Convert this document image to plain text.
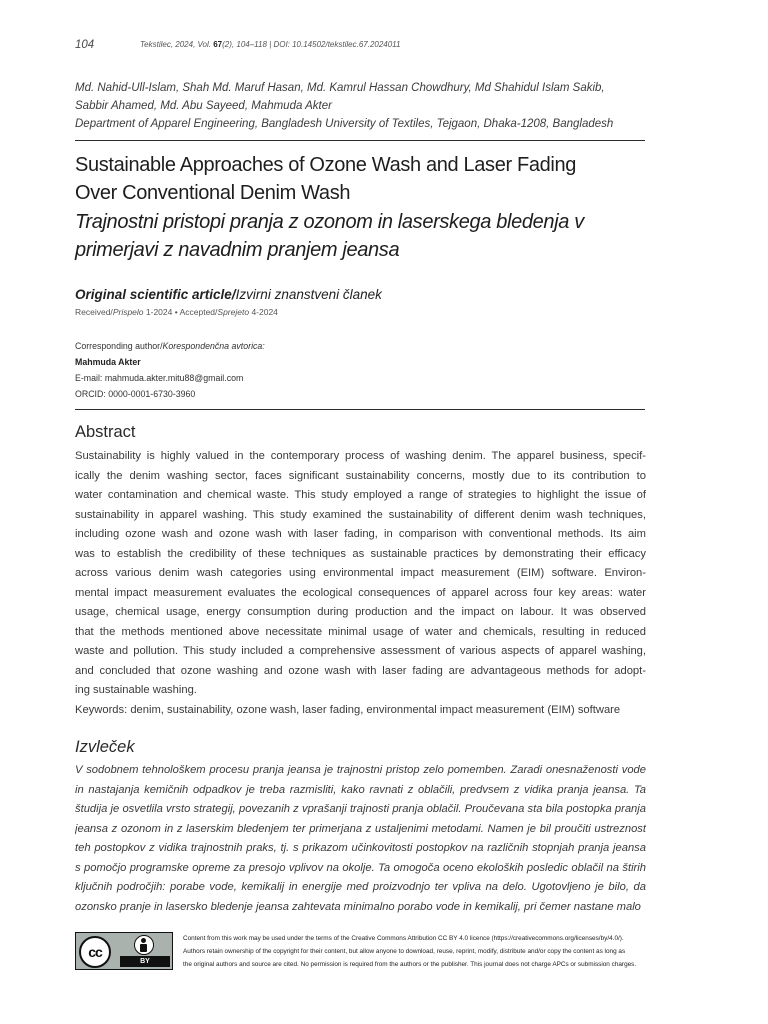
104	Tekstilec, 2024, Vol. 67(2), 104–118 | DOI: 10.14502/tekstilec.67.2024011
Md. Nahid-Ull-Islam, Shah Md. Maruf Hasan, Md. Kamrul Hassan Chowdhury, Md Shahidul Islam Sakib,
Sabbir Ahamed, Md. Abu Sayeed, Mahmuda Akter
Department of Apparel Engineering, Bangladesh University of Textiles, Tejgaon, Dhaka-1208, Bangladesh
Sustainable Approaches of Ozone Wash and Laser Fading
Over Conventional Denim Wash
Trajnostni pristopi pranja z ozonom in laserskega bledenja v
primerjavi z navadnim pranjem jeansa
Original scientific article/Izvirni znanstveni članek
Received/Prispelo 1-2024 • Accepted/Sprejeto 4-2024
Corresponding author/Korespondenčna avtorica:
Mahmuda Akter
E-mail: mahmuda.akter.mitu88@gmail.com
ORCID: 0000-0001-6730-3960
Abstract
Sustainability is highly valued in the contemporary process of washing denim. The apparel business, specif-
ically the denim washing sector, faces significant sustainability concerns, mostly due to its contribution to
water contamination and chemical waste. This study employed a range of strategies to highlight the issue of
sustainability in apparel washing. This study examined the sustainability of different denim wash techniques,
including ozone wash and ozone wash with laser fading, in comparison with conventional methods. Its aim
was to establish the credibility of these techniques as sustainable practices by demonstrating their efficacy
across various denim wash categories using environmental impact measurement (EIM) software. Environ-
mental impact measurement evaluates the ecological consequences of apparel across four key areas: water
usage, chemical usage, energy consumption during production and the impact on labour. It was observed
that the methods mentioned above necessitate minimal usage of water and chemicals, resulting in reduced
waste and pollution. This study included a comprehensive assessment of various aspects of apparel washing,
and concluded that ozone washing and ozone wash with laser fading are advantageous methods for adopt-
ing sustainable washing.
Keywords: denim, sustainability, ozone wash, laser fading, environmental impact measurement (EIM) software
Izvleček
V sodobnem tehnološkem procesu pranja jeansa je trajnostni pristop zelo pomemben. Zaradi onesnaženosti vode
in nastajanja kemičnih odpadkov je treba razmisliti, kako ravnati z oblačili, predvsem z vidika pranja jeansa. Ta
študija je osvetlila vrsto strategij, povezanih z vprašanji trajnosti pranja oblačil. Proučevana sta bila postopka pranja
jeansa z ozonom in z laserskim bledenjem ter primerjana z ustaljenimi metodami. Namen je bil proučiti ustreznost
teh postopkov z vidika trajnostnih praks, tj. s prikazom učinkovitosti postopkov na različnih stopnjah pranja jeansa
s pomočjo programske opreme za presojo vplivov na okolje. Ta omogoča oceno ekoloških posledic oblačil na štirih
ključnih področjih: porabe vode, kemikalij in energije med proizvodnjo ter vpliva na delo. Ugotovljeno je bilo, da
ozonsko pranje in lasersko bledenje jeansa zahtevata minimalno porabo vode in kemikalij, pri čemer nastane malo
cc
BY
Content from this work may be used under the terms of the Creative Commons Attribution CC BY 4.0 licence (https://creativecommons.org/licenses/by/4.0/).
Authors retain ownership of the copyright for their content, but allow anyone to download, reuse, reprint, modify, distribute and/or copy the content as long as
the original authors and source are cited. No permission is required from the authors or the publisher. This journal does not charge APCs or submission charges.
